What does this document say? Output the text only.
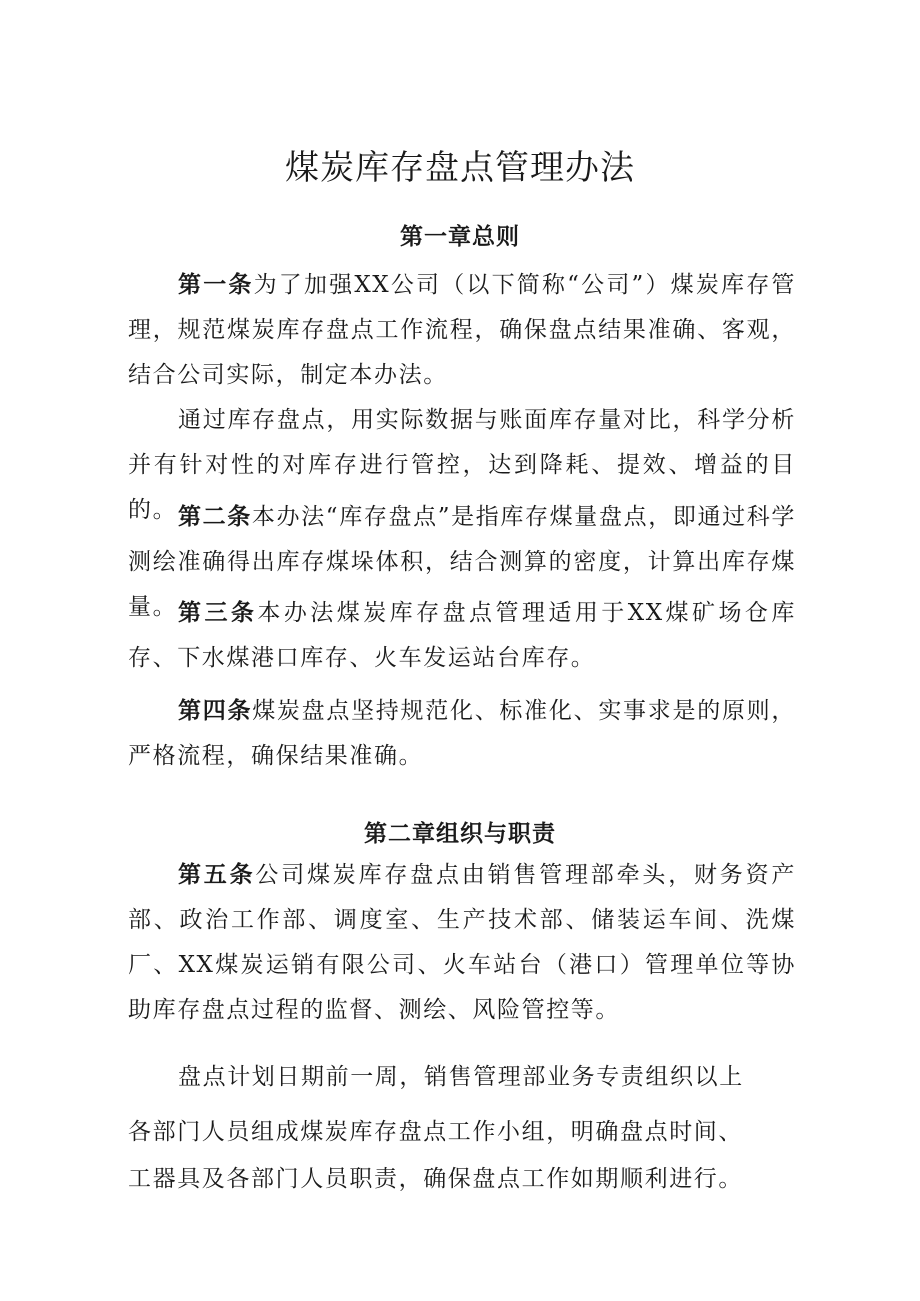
煤炭库存盘点管理办法
第一章总则
第一条为了加强XX公司（以下简称“公司”）煤炭库存管理，规范煤炭库存盘点工作流程，确保盘点结果准确、客观，结合公司实际，制定本办法。
通过库存盘点，用实际数据与账面库存量对比，科学分析并有针对性的对库存进行管控，达到降耗、提效、增益的目的。 第二条本办法“库存盘点”是指库存煤量盘点，即通过科学测绘准确得出库存煤垛体积，结合测算的密度，计算出库存煤量。 第三条本办法煤炭库存盘点管理适用于XX煤矿场仓库存、下水煤港口库存、火车发运站台库存。
第四条煤炭盘点坚持规范化、标准化、实事求是的原则，严格流程，确保结果准确。
第二章组织与职责
第五条公司煤炭库存盘点由销售管理部牵头，财务资产部、政治工作部、调度室、生产技术部、储装运车间、洗煤厂、XX煤炭运销有限公司、火车站台（港口）管理单位等协助库存盘点过程的监督、测绘、风险管控等。
盘点计划日期前一周，销售管理部业务专责组织以上
各部门人员组成煤炭库存盘点工作小组，明确盘点时间、
工器具及各部门人员职责，确保盘点工作如期顺利进行。
